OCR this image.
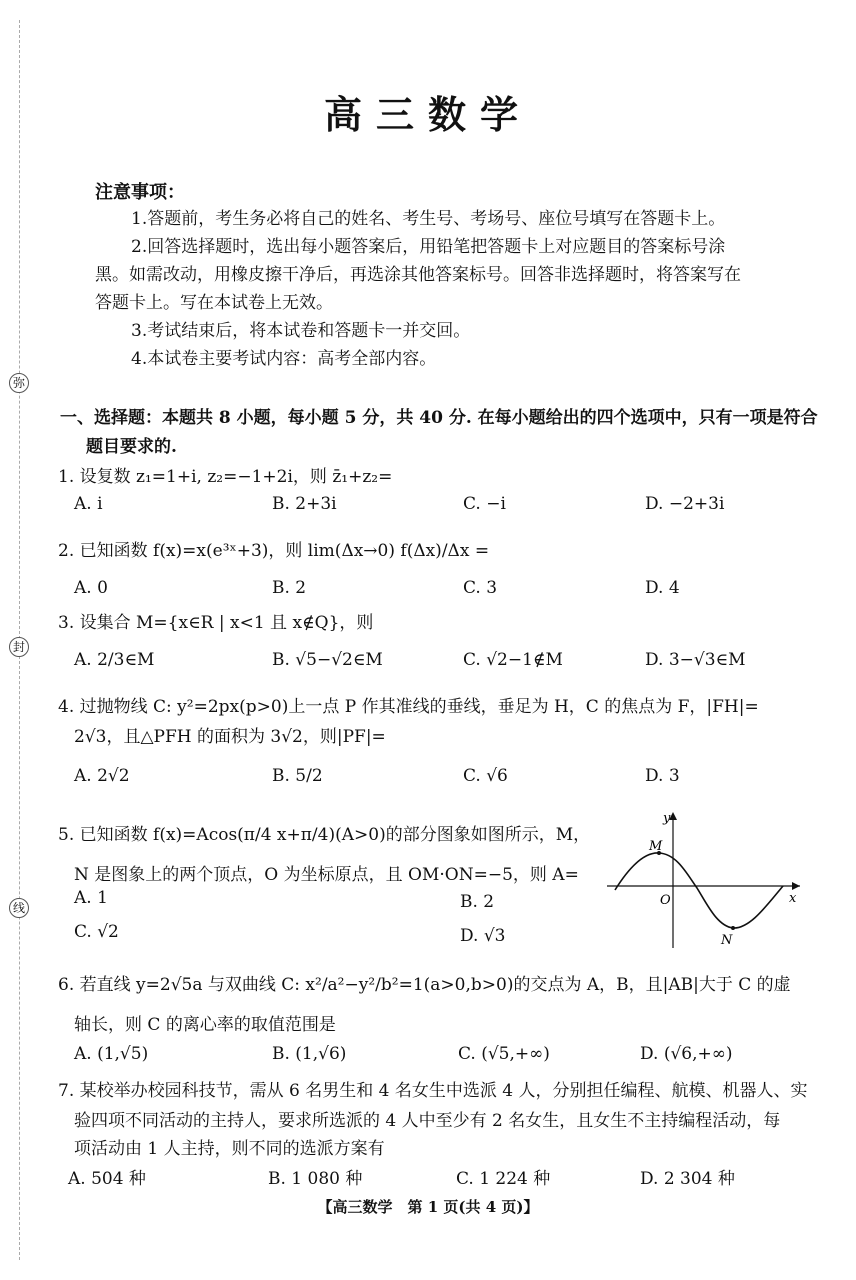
弥
封
线
高三数学
注意事项：
1.答题前，考生务必将自己的姓名、考生号、考场号、座位号填写在答题卡上。
2.回答选择题时，选出每小题答案后，用铅笔把答题卡上对应题目的答案标号涂
黑。如需改动，用橡皮擦干净后，再选涂其他答案标号。回答非选择题时，将答案写在
答题卡上。写在本试卷上无效。
3.考试结束后，将本试卷和答题卡一并交回。
4.本试卷主要考试内容：高考全部内容。
一、选择题：本题共 8 小题，每小题 5 分，共 40 分. 在每小题给出的四个选项中，只有一项是符合
题目要求的.
1. 设复数 z₁=1+i, z₂=−1+2i，则 z̄₁+z₂=
A. i	B. 2+3i	C. −i	D. −2+3i
2. 已知函数 f(x)=x(e³ˣ+3)，则 lim(Δx→0) f(Δx)/Δx =
A. 0	B. 2	C. 3	D. 4
3. 设集合 M={x∈R | x<1 且 x∉Q}，则
A. 2/3∈M	B. √5−√2∈M	C. √2−1∉M	D. 3−√3∈M
4. 过抛物线 C: y²=2px(p>0)上一点 P 作其准线的垂线，垂足为 H，C 的焦点为 F，|FH|=
2√3，且△PFH 的面积为 3√2，则|PF|=
A. 2√2	B. 5/2	C. √6	D. 3
5. 已知函数 f(x)=Acos(π/4 x+π/4)(A>0)的部分图象如图所示，M，
N 是图象上的两个顶点，O 为坐标原点，且 OM·ON=−5，则 A=
A. 1	B. 2
C. √2	D. √3
y
x
O
M
N
6. 若直线 y=2√5a 与双曲线 C: x²/a²−y²/b²=1(a>0,b>0)的交点为 A，B，且|AB|大于 C 的虚
轴长，则 C 的离心率的取值范围是
A. (1,√5)	B. (1,√6)	C. (√5,+∞)	D. (√6,+∞)
7. 某校举办校园科技节，需从 6 名男生和 4 名女生中选派 4 人，分别担任编程、航模、机器人、实
验四项不同活动的主持人，要求所选派的 4 人中至少有 2 名女生，且女生不主持编程活动，每
项活动由 1 人主持，则不同的选派方案有
A. 504 种	B. 1 080 种	C. 1 224 种	D. 2 304 种
【高三数学　第 1 页(共 4 页)】
